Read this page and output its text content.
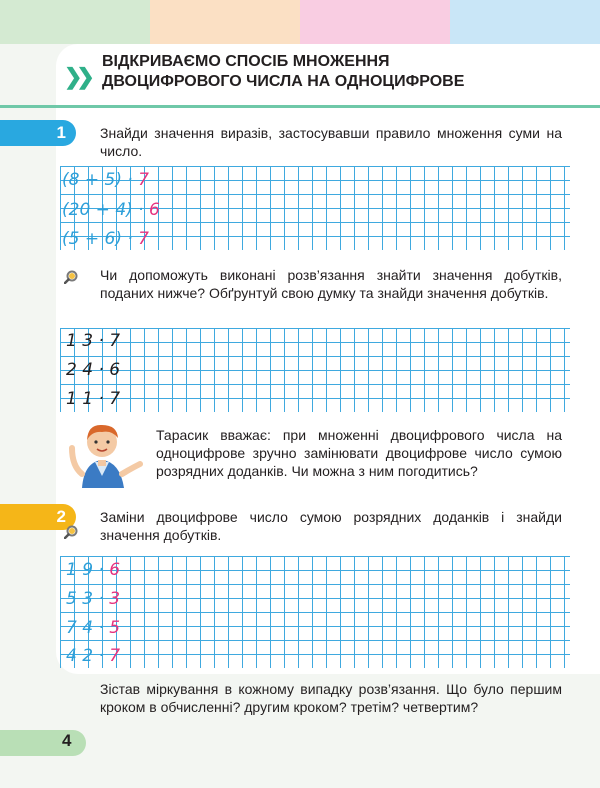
❯❯
ВІДКРИВАЄМО СПОСІБ МНОЖЕННЯ
ДВОЦИФРОВОГО ЧИСЛА НА ОДНОЦИФРОВЕ
1	Знайди значення виразів, застосувавши правило множення суми на число.
(8 + 5) · 7
(20 + 4) · 6
(5 + 6) · 7
Чи допоможуть виконані розв’язання знайти значення добутків, поданих нижче? Обґрунтуй свою думку та знайди значення добутків.
1 3 · 7
2 4 · 6
1 1 · 7
Тарасик вважає: при множенні двоцифрового числа на одноцифрове зручно замінювати двоцифрове число сумою розрядних доданків. Чи можна з ним погодитись?
2	Заміни двоцифрове число сумою розрядних доданків і знайди значення добутків.
1 9 · 6
5 3 · 3
7 4 · 5
4 2 · 7
Зістав міркування в кожному випадку розв’язання. Що було першим кроком в обчисленні? другим кроком? третім? четвертим?
4
